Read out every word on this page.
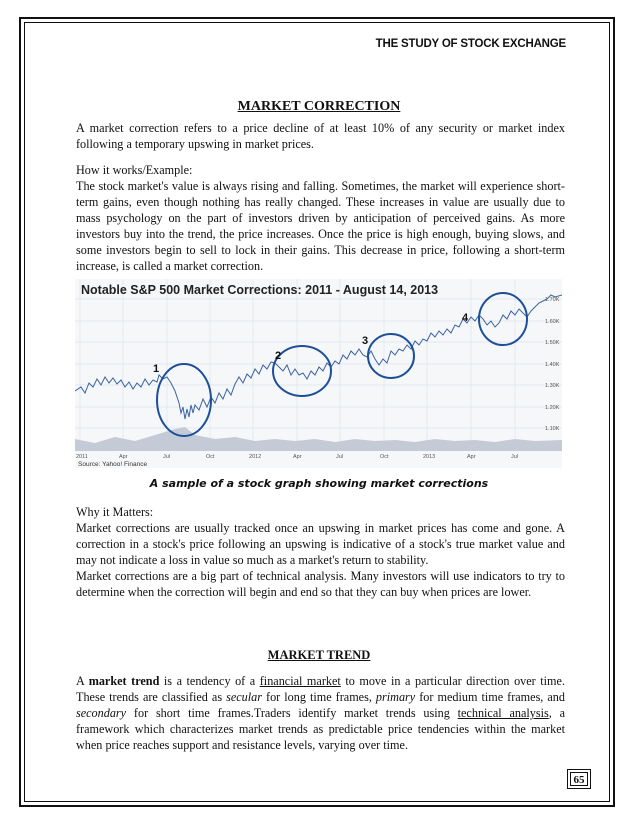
THE STUDY OF STOCK EXCHANGE
MARKET CORRECTION
A market correction refers to a price decline of at least 10% of any security or market index following a temporary upswing in market prices.
How it works/Example:
The stock market's value is always rising and falling. Sometimes, the market will experience short-term gains, even though nothing has really changed. These increases in value are usually due to mass psychology on the part of investors driven by anticipation of perceived gains. As more investors buy into the trend, the price increases. Once the price is high enough, buying slows, and some investors begin to sell to lock in their gains. This decrease in price, following a short-term increase, is called a market correction.
1
2
3
4
Notable S&P 500 Market Corrections: 2011 - August 14, 2013
1.70K
1.60K
1.50K
1.40K
1.30K
1.20K
1.10K
2011	Apr	Jul	Oct	2012	Apr	Jul	Oct	2013	Apr	Jul
Source: Yahoo! Finance
A sample of a stock graph showing market corrections
Why it Matters:
Market corrections are usually tracked once an upswing in market prices has come and gone. A correction in a stock's price following an upswing is indicative of a stock's true market value and may not indicate a loss in value so much as a market's return to stability.
Market corrections are a big part of technical analysis. Many investors will use indicators to try to determine when the correction will begin and end so that they can buy when prices are lower.
MARKET TREND
A market trend is a tendency of a financial market to move in a particular direction over time. These trends are classified as secular for long time frames, primary for medium time frames, and secondary for short time frames.Traders identify market trends using technical analysis, a framework which characterizes market trends as predictable price tendencies within the market when price reaches support and resistance levels, varying over time.
65
